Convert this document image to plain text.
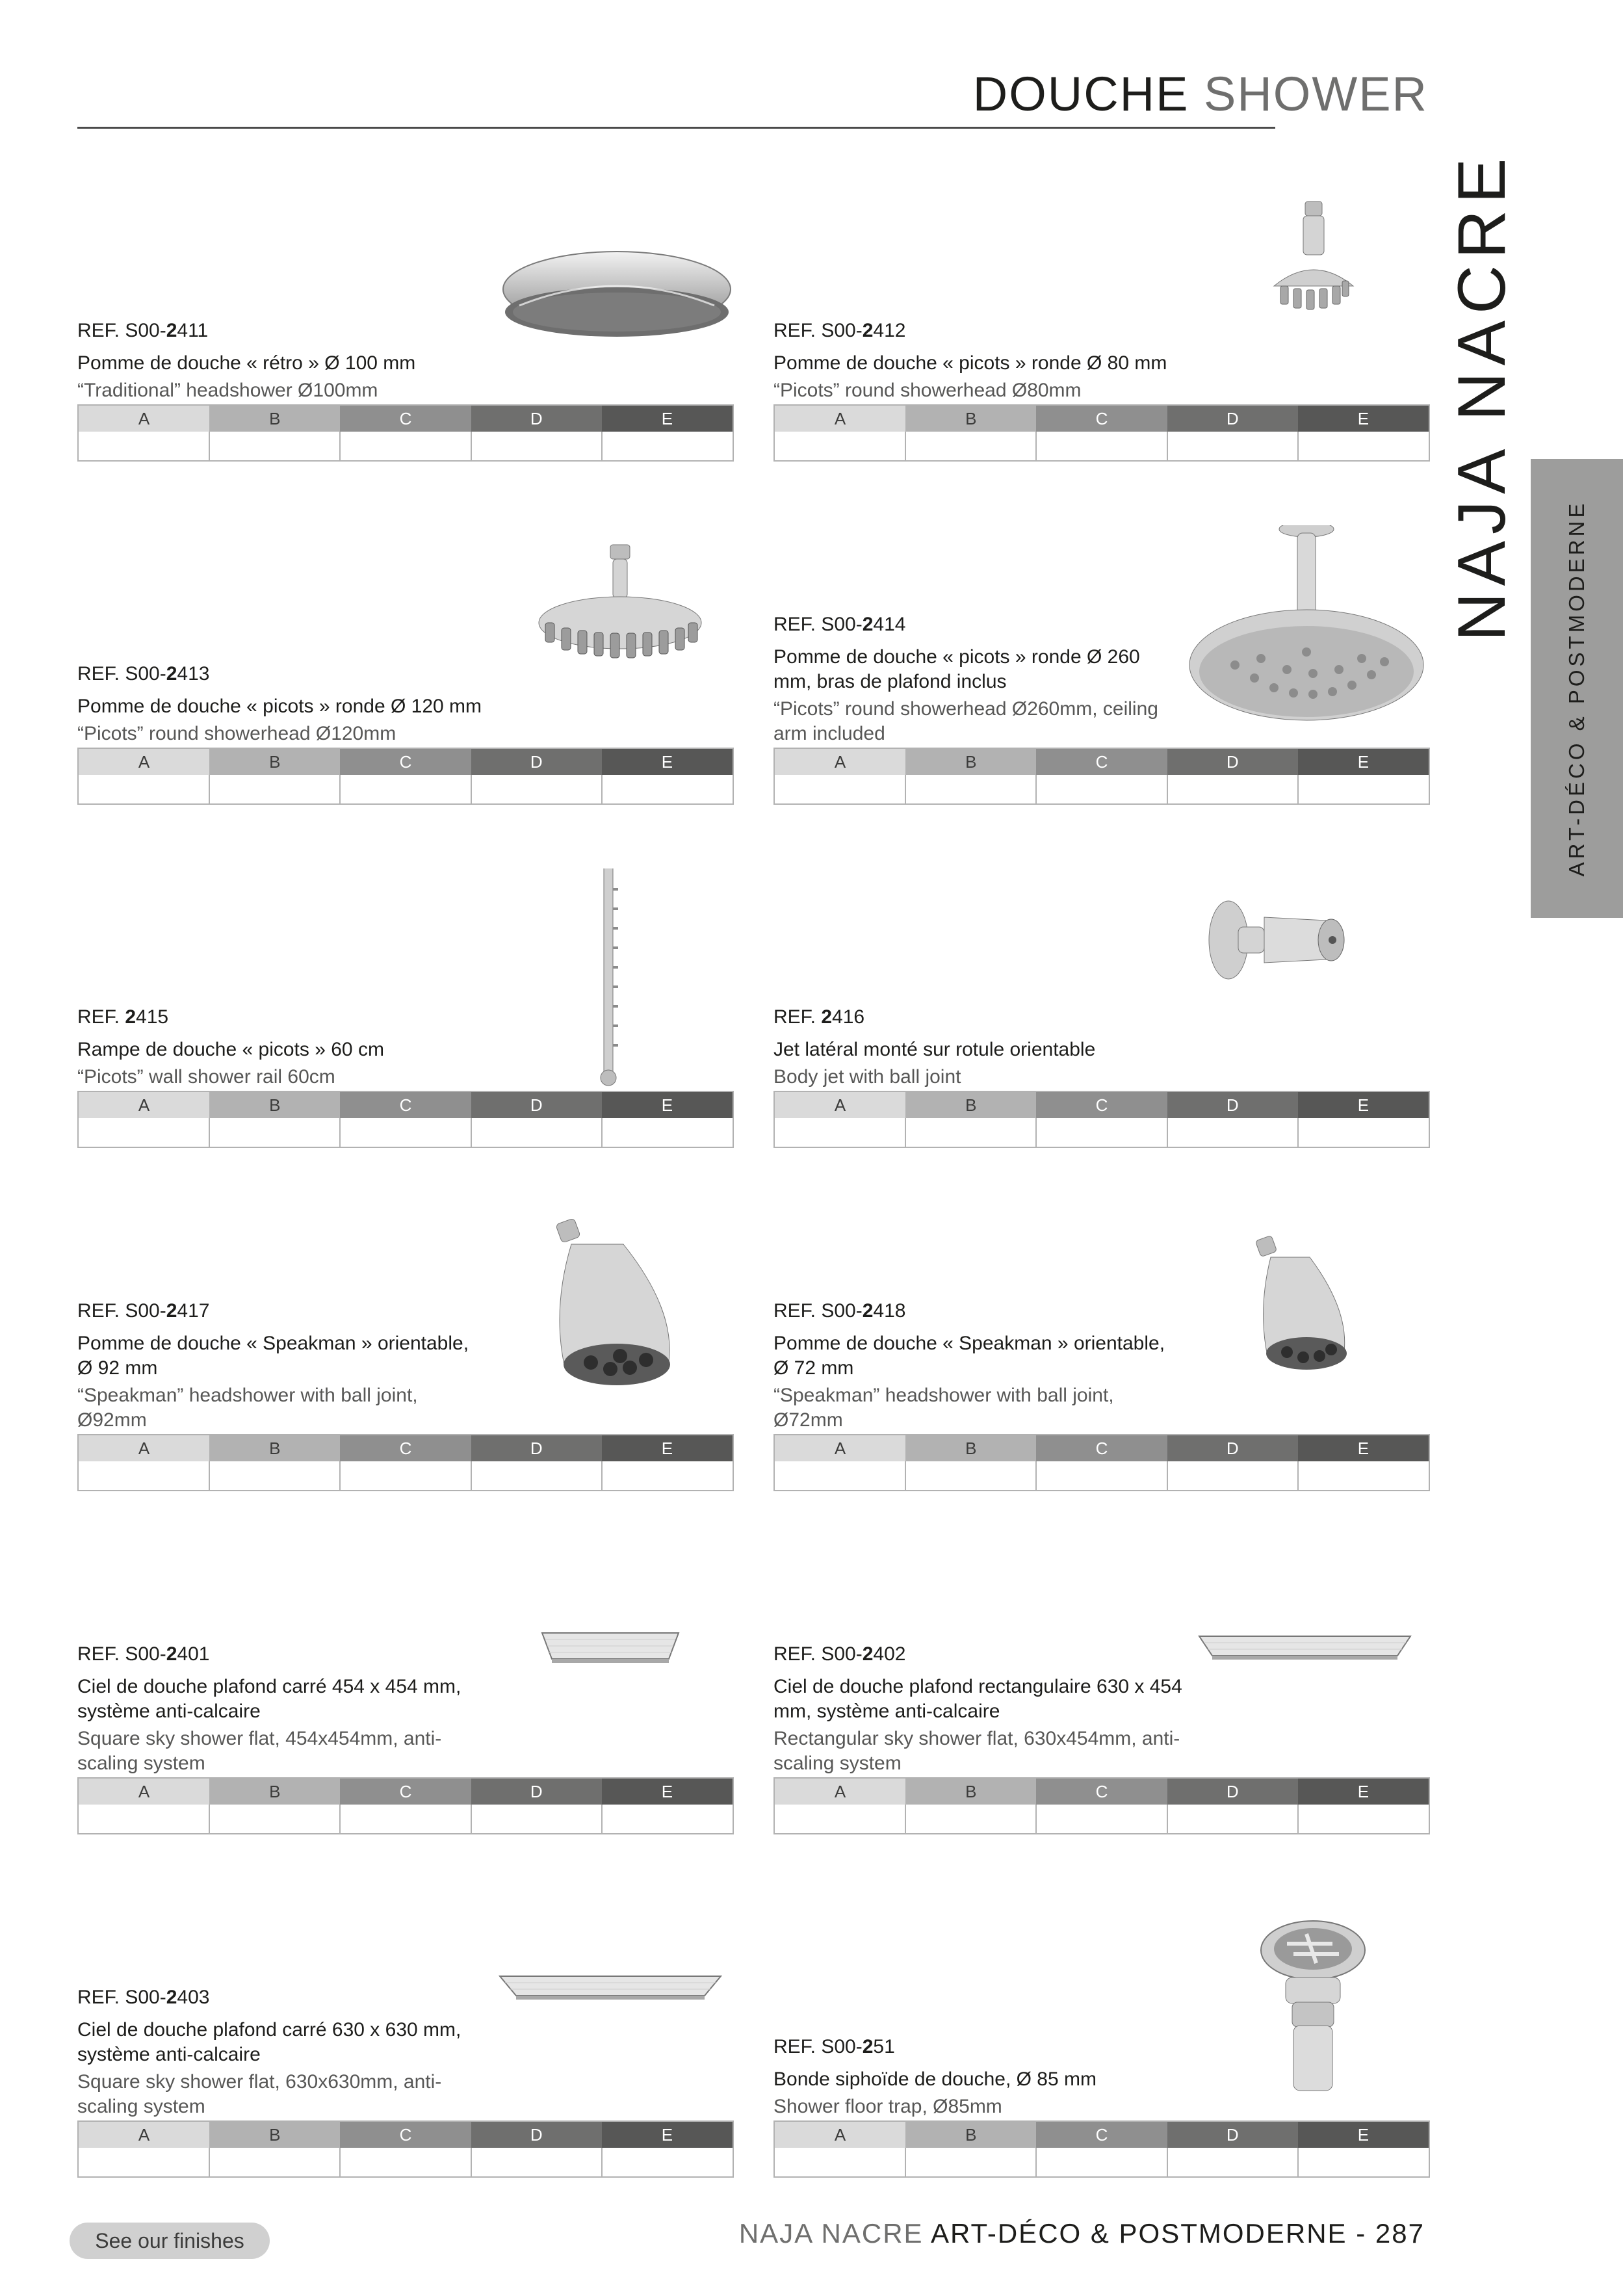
DOUCHE SHOWER
NAJA NACRE
ART-DÉCO & POSTMODERNE
REF. S00-2411
Pomme de douche « rétro » Ø 100 mm
“Traditional” headshower Ø100mm
A	B	C	D	E
REF. S00-2412
Pomme de douche « picots » ronde Ø 80 mm
“Picots” round showerhead Ø80mm
A	B	C	D	E
REF. S00-2413
Pomme de douche « picots » ronde Ø 120 mm
“Picots” round showerhead Ø120mm
A	B	C	D	E
REF. S00-2414
Pomme de douche « picots » ronde Ø 260 mm, bras de plafond inclus
“Picots” round showerhead Ø260mm, ceiling arm included
A	B	C	D	E
REF. 2415
Rampe de douche « picots » 60 cm
“Picots” wall shower rail 60cm
A	B	C	D	E
REF. 2416
Jet latéral monté sur rotule orientable
Body jet with ball joint
A	B	C	D	E
REF. S00-2417
Pomme de douche « Speakman » orientable, Ø 92 mm
“Speakman” headshower with ball joint, Ø92mm
A	B	C	D	E
REF. S00-2418
Pomme de douche « Speakman » orientable, Ø 72 mm
“Speakman” headshower with ball joint, Ø72mm
A	B	C	D	E
REF. S00-2401
Ciel de douche plafond carré 454 x 454 mm, système anti-calcaire
Square sky shower flat, 454x454mm, anti-scaling system
A	B	C	D	E
REF. S00-2402
Ciel de douche plafond rectangulaire 630 x 454 mm, système anti-calcaire
Rectangular sky shower flat, 630x454mm, anti-scaling system
A	B	C	D	E
REF. S00-2403
Ciel de douche plafond carré 630 x 630 mm, système anti-calcaire
Square sky shower flat, 630x630mm, anti-scaling system
A	B	C	D	E
REF. S00-251
Bonde siphoïde de douche, Ø 85 mm
Shower floor trap, Ø85mm
A	B	C	D	E
See our finishes	NAJA NACRE ART-DÉCO & POSTMODERNE - 287
